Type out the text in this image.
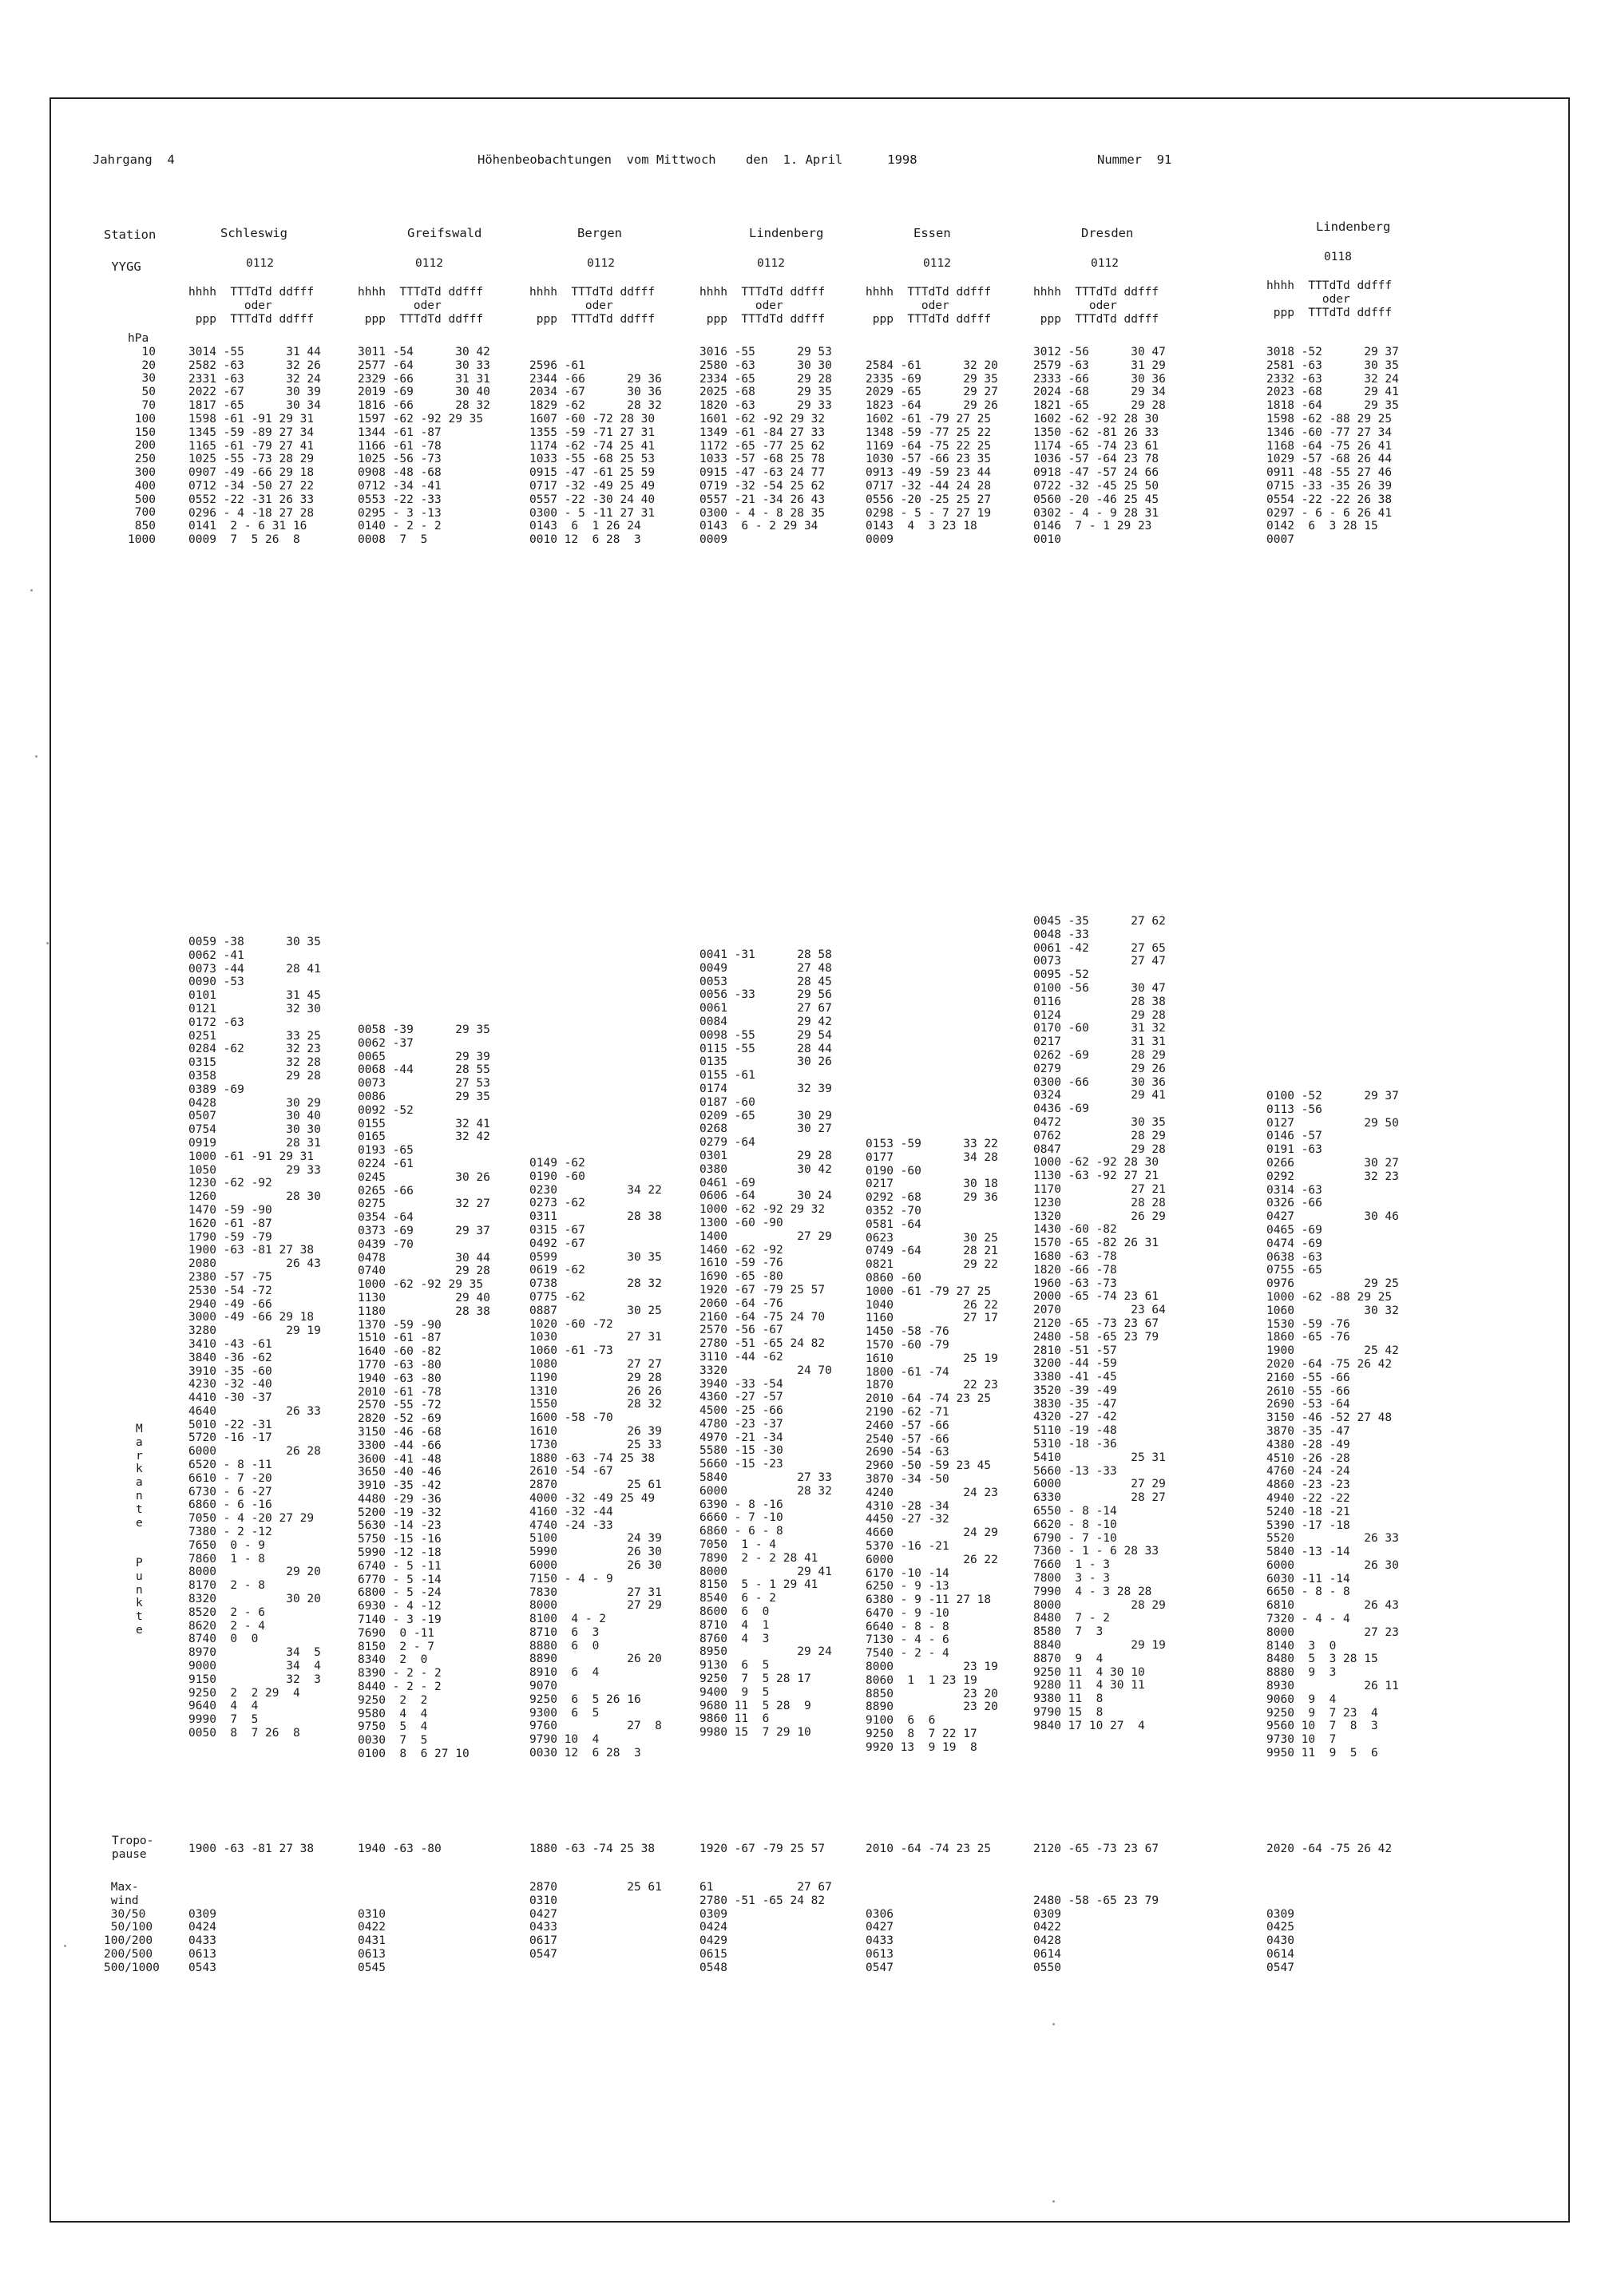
Jahrgang  4	Höhenbeobachtungen  vom Mittwoch    den  1. April      1998	Nummer  91
Station

YYGG
hPa
10
20
30
50
70
100
150
200
250
300
400
500
700
850
1000
M
a
r
k
a
n
t
e

P
u
n
k
t
e
Tropo-
pause
Max-
wind
30/50
50/100
100/200
200/500
500/1000
Schleswig
0112
hhhh  TTTdTd ddfff
oder
ppp  TTTdTd ddfff
3014 -55      31 44
2582 -63      32 26
2331 -63      32 24
2022 -67      30 39
1817 -65      30 34
1598 -61 -91 29 31
1345 -59 -89 27 34
1165 -61 -79 27 41
1025 -55 -73 28 29
0907 -49 -66 29 18
0712 -34 -50 27 22
0552 -22 -31 26 33
0296 - 4 -18 27 28
0141  2 - 6 31 16
0009  7  5 26  8
0059 -38      30 35
0062 -41
0073 -44      28 41
0090 -53
0101          31 45
0121          32 30
0172 -63
0251          33 25
0284 -62      32 23
0315          32 28
0358          29 28
0389 -69
0428          30 29
0507          30 40
0754          30 30
0919          28 31
1000 -61 -91 29 31
1050          29 33
1230 -62 -92
1260          28 30
1470 -59 -90
1620 -61 -87
1790 -59 -79
1900 -63 -81 27 38
2080          26 43
2380 -57 -75
2530 -54 -72
2940 -49 -66
3000 -49 -66 29 18
3280          29 19
3410 -43 -61
3840 -36 -62
3910 -35 -60
4230 -32 -40
4410 -30 -37
4640          26 33
5010 -22 -31
5720 -16 -17
6000          26 28
6520 - 8 -11
6610 - 7 -20
6730 - 6 -27
6860 - 6 -16
7050 - 4 -20 27 29
7380 - 2 -12
7650  0 - 9
7860  1 - 8
8000          29 20
8170  2 - 8
8320          30 20
8520  2 - 6
8620  2 - 4
8740  0  0
8970          34  5
9000          34  4
9150          32  3
9250  2  2 29  4
9640  4  4
9990  7  5
0050  8  7 26  8
1900 -63 -81 27 38

0309
0424
0433
0613
0543
Greifswald
0112
hhhh  TTTdTd ddfff
oder
ppp  TTTdTd ddfff
3011 -54      30 42
2577 -64      30 33
2329 -66      31 31
2019 -69      30 40
1816 -66      28 32
1597 -62 -92 29 35
1344 -61 -87
1166 -61 -78
1025 -56 -73
0908 -48 -68
0712 -34 -41
0553 -22 -33
0295 - 3 -13
0140 - 2 - 2
0008  7  5
0058 -39      29 35
0062 -37
0065          29 39
0068 -44      28 55
0073          27 53
0086          29 35
0092 -52
0155          32 41
0165          32 42
0193 -65
0224 -61
0245          30 26
0265 -66
0275          32 27
0354 -64
0373 -69      29 37
0439 -70
0478          30 44
0740          29 28
1000 -62 -92 29 35
1130          29 40
1180          28 38
1370 -59 -90
1510 -61 -87
1640 -60 -82
1770 -63 -80
1940 -63 -80
2010 -61 -78
2570 -55 -72
2820 -52 -69
3150 -46 -68
3300 -44 -66
3600 -41 -48
3650 -40 -46
3910 -35 -42
4480 -29 -36
5200 -19 -32
5630 -14 -23
5750 -15 -16
5990 -12 -18
6740 - 5 -11
6770 - 5 -14
6800 - 5 -24
6930 - 4 -12
7140 - 3 -19
7690  0 -11
8150  2 - 7
8340  2  0
8390 - 2 - 2
8440 - 2 - 2
9250  2  2
9580  4  4
9750  5  4
0030  7  5
0100  8  6 27 10
1940 -63 -80

0310
0422
0431
0613
0545
Bergen
0112
hhhh  TTTdTd ddfff
oder
ppp  TTTdTd ddfff

2596 -61
2344 -66      29 36
2034 -67      30 36
1829 -62      28 32
1607 -60 -72 28 30
1355 -59 -71 27 31
1174 -62 -74 25 41
1033 -55 -68 25 53
0915 -47 -61 25 59
0717 -32 -49 25 49
0557 -22 -30 24 40
0300 - 5 -11 27 31
0143  6  1 26 24
0010 12  6 28  3
0149 -62
0190 -60
0230          34 22
0273 -62
0311          28 38
0315 -67
0492 -67
0599          30 35
0619 -62
0738          28 32
0775 -62
0887          30 25
1020 -60 -72
1030          27 31
1060 -61 -73
1080          27 27
1190          29 28
1310          26 26
1550          28 32
1600 -58 -70
1610          26 39
1730          25 33
1880 -63 -74 25 38
2610 -54 -67
2870          25 61
4000 -32 -49 25 49
4160 -32 -44
4740 -24 -33
5100          24 39
5990          26 30
6000          26 30
7150 - 4 - 9
7830          27 31
8000          27 29
8100  4 - 2
8710  6  3
8880  6  0
8890          26 20
8910  6  4
9070
9250  6  5 26 16
9300  6  5
9760          27  8
9790 10  4
0030 12  6 28  3
1880 -63 -74 25 38
2870          25 61
0310
0427
0433
0617
0547
Lindenberg
0112
hhhh  TTTdTd ddfff
oder
ppp  TTTdTd ddfff
3016 -55      29 53
2580 -63      30 30
2334 -65      29 28
2025 -68      29 35
1820 -63      29 33
1601 -62 -92 29 32
1349 -61 -84 27 33
1172 -65 -77 25 62
1033 -57 -68 25 78
0915 -47 -63 24 77
0719 -32 -54 25 62
0557 -21 -34 26 43
0300 - 4 - 8 28 35
0143  6 - 2 29 34
0009
0041 -31      28 58
0049          27 48
0053          28 45
0056 -33      29 56
0061          27 67
0084          29 42
0098 -55      29 54
0115 -55      28 44
0135          30 26
0155 -61
0174          32 39
0187 -60
0209 -65      30 29
0268          30 27
0279 -64
0301          29 28
0380          30 42
0461 -69
0606 -64      30 24
1000 -62 -92 29 32
1300 -60 -90
1400          27 29
1460 -62 -92
1610 -59 -76
1690 -65 -80
1920 -67 -79 25 57
2060 -64 -76
2160 -64 -75 24 70
2570 -56 -67
2780 -51 -65 24 82
3110 -44 -62
3320          24 70
3940 -33 -54
4360 -27 -57
4500 -25 -66
4780 -23 -37
4970 -21 -34
5580 -15 -30
5660 -15 -23
5840          27 33
6000          28 32
6390 - 8 -16
6660 - 7 -10
6860 - 6 - 8
7050  1 - 4
7890  2 - 2 28 41
8000          29 41
8150  5 - 1 29 41
8540  6 - 2
8600  6  0
8710  4  1
8760  4  3
8950          29 24
9130  6  5
9250  7  5 28 17
9400  9  5
9680 11  5 28  9
9860 11  6
9980 15  7 29 10
1920 -67 -79 25 57
61            27 67
2780 -51 -65 24 82
0309
0424
0429
0615
0548
Essen
0112
hhhh  TTTdTd ddfff
oder
ppp  TTTdTd ddfff

2584 -61      32 20
2335 -69      29 35
2029 -65      29 27
1823 -64      29 26
1602 -61 -79 27 25
1348 -59 -77 25 22
1169 -64 -75 22 25
1030 -57 -66 23 35
0913 -49 -59 23 44
0717 -32 -44 24 28
0556 -20 -25 25 27
0298 - 5 - 7 27 19
0143  4  3 23 18
0009
0153 -59      33 22
0177          34 28
0190 -60
0217          30 18
0292 -68      29 36
0352 -70
0581 -64
0623          30 25
0749 -64      28 21
0821          29 22
0860 -60
1000 -61 -79 27 25
1040          26 22
1160          27 17
1450 -58 -76
1570 -60 -79
1610          25 19
1800 -61 -74
1870          22 23
2010 -64 -74 23 25
2190 -62 -71
2460 -57 -66
2540 -57 -66
2690 -54 -63
2960 -50 -59 23 45
3870 -34 -50
4240          24 23
4310 -28 -34
4450 -27 -32
4660          24 29
5370 -16 -21
6000          26 22
6170 -10 -14
6250 - 9 -13
6380 - 9 -11 27 18
6470 - 9 -10
6640 - 8 - 8
7130 - 4 - 6
7540 - 2 - 4
8000          23 19
8060  1  1 23 19
8850          23 20
8890          23 20
9100  6  6
9250  8  7 22 17
9920 13  9 19  8
2010 -64 -74 23 25

0306
0427
0433
0613
0547
Dresden
0112
hhhh  TTTdTd ddfff
oder
ppp  TTTdTd ddfff
3012 -56      30 47
2579 -63      31 29
2333 -66      30 36
2024 -68      29 34
1821 -65      29 28
1602 -62 -92 28 30
1350 -62 -81 26 33
1174 -65 -74 23 61
1036 -57 -64 23 78
0918 -47 -57 24 66
0722 -32 -45 25 50
0560 -20 -46 25 45
0302 - 4 - 9 28 31
0146  7 - 1 29 23
0010
0045 -35      27 62
0048 -33
0061 -42      27 65
0073          27 47
0095 -52
0100 -56      30 47
0116          28 38
0124          29 28
0170 -60      31 32
0217          31 31
0262 -69      28 29
0279          29 26
0300 -66      30 36
0324          29 41
0436 -69
0472          30 35
0762          28 29
0847          29 28
1000 -62 -92 28 30
1130 -63 -92 27 21
1170          27 21
1230          28 28
1320          26 29
1430 -60 -82
1570 -65 -82 26 31
1680 -63 -78
1820 -66 -78
1960 -63 -73
2000 -65 -74 23 61
2070          23 64
2120 -65 -73 23 67
2480 -58 -65 23 79
2810 -51 -57
3200 -44 -59
3380 -41 -45
3520 -39 -49
3830 -35 -47
4320 -27 -42
5110 -19 -48
5310 -18 -36
5410          25 31
5660 -13 -33
6000          27 29
6330          28 27
6550 - 8 -14
6620 - 8 -10
6790 - 7 -10
7360 - 1 - 6 28 33
7660  1 - 3
7800  3 - 3
7990  4 - 3 28 28
8000          28 29
8480  7 - 2
8580  7  3
8840          29 19
8870  9  4
9250 11  4 30 10
9280 11  4 30 11
9380 11  8
9790 15  8
9840 17 10 27  4
2120 -65 -73 23 67

2480 -58 -65 23 79
0309
0422
0428
0614
0550
Lindenberg
0118
hhhh  TTTdTd ddfff
oder
ppp  TTTdTd ddfff
3018 -52      29 37
2581 -63      30 35
2332 -63      32 24
2023 -68      29 41
1818 -64      29 35
1598 -62 -88 29 25
1346 -60 -77 27 34
1168 -64 -75 26 41
1029 -57 -68 26 44
0911 -48 -55 27 46
0715 -33 -35 26 39
0554 -22 -22 26 38
0297 - 6 - 6 26 41
0142  6  3 28 15
0007
0100 -52      29 37
0113 -56
0127          29 50
0146 -57
0191 -63
0266          30 27
0292          32 23
0314 -63
0326 -66
0427          30 46
0465 -69
0474 -69
0638 -63
0755 -65
0976          29 25
1000 -62 -88 29 25
1060          30 32
1530 -59 -76
1860 -65 -76
1900          25 42
2020 -64 -75 26 42
2160 -55 -66
2610 -55 -66
2690 -53 -64
3150 -46 -52 27 48
3870 -35 -47
4380 -28 -49
4510 -26 -28
4760 -24 -24
4860 -23 -23
4940 -22 -22
5240 -18 -21
5390 -17 -18
5520          26 33
5840 -13 -14
6000          26 30
6030 -11 -14
6650 - 8 - 8
6810          26 43
7320 - 4 - 4
8000          27 23
8140  3  0
8480  5  3 28 15
8880  9  3
8930          26 11
9060  9  4
9250  9  7 23  4
9560 10  7  8  3
9730 10  7
9950 11  9  5  6
2020 -64 -75 26 42

0309
0425
0430
0614
0547
